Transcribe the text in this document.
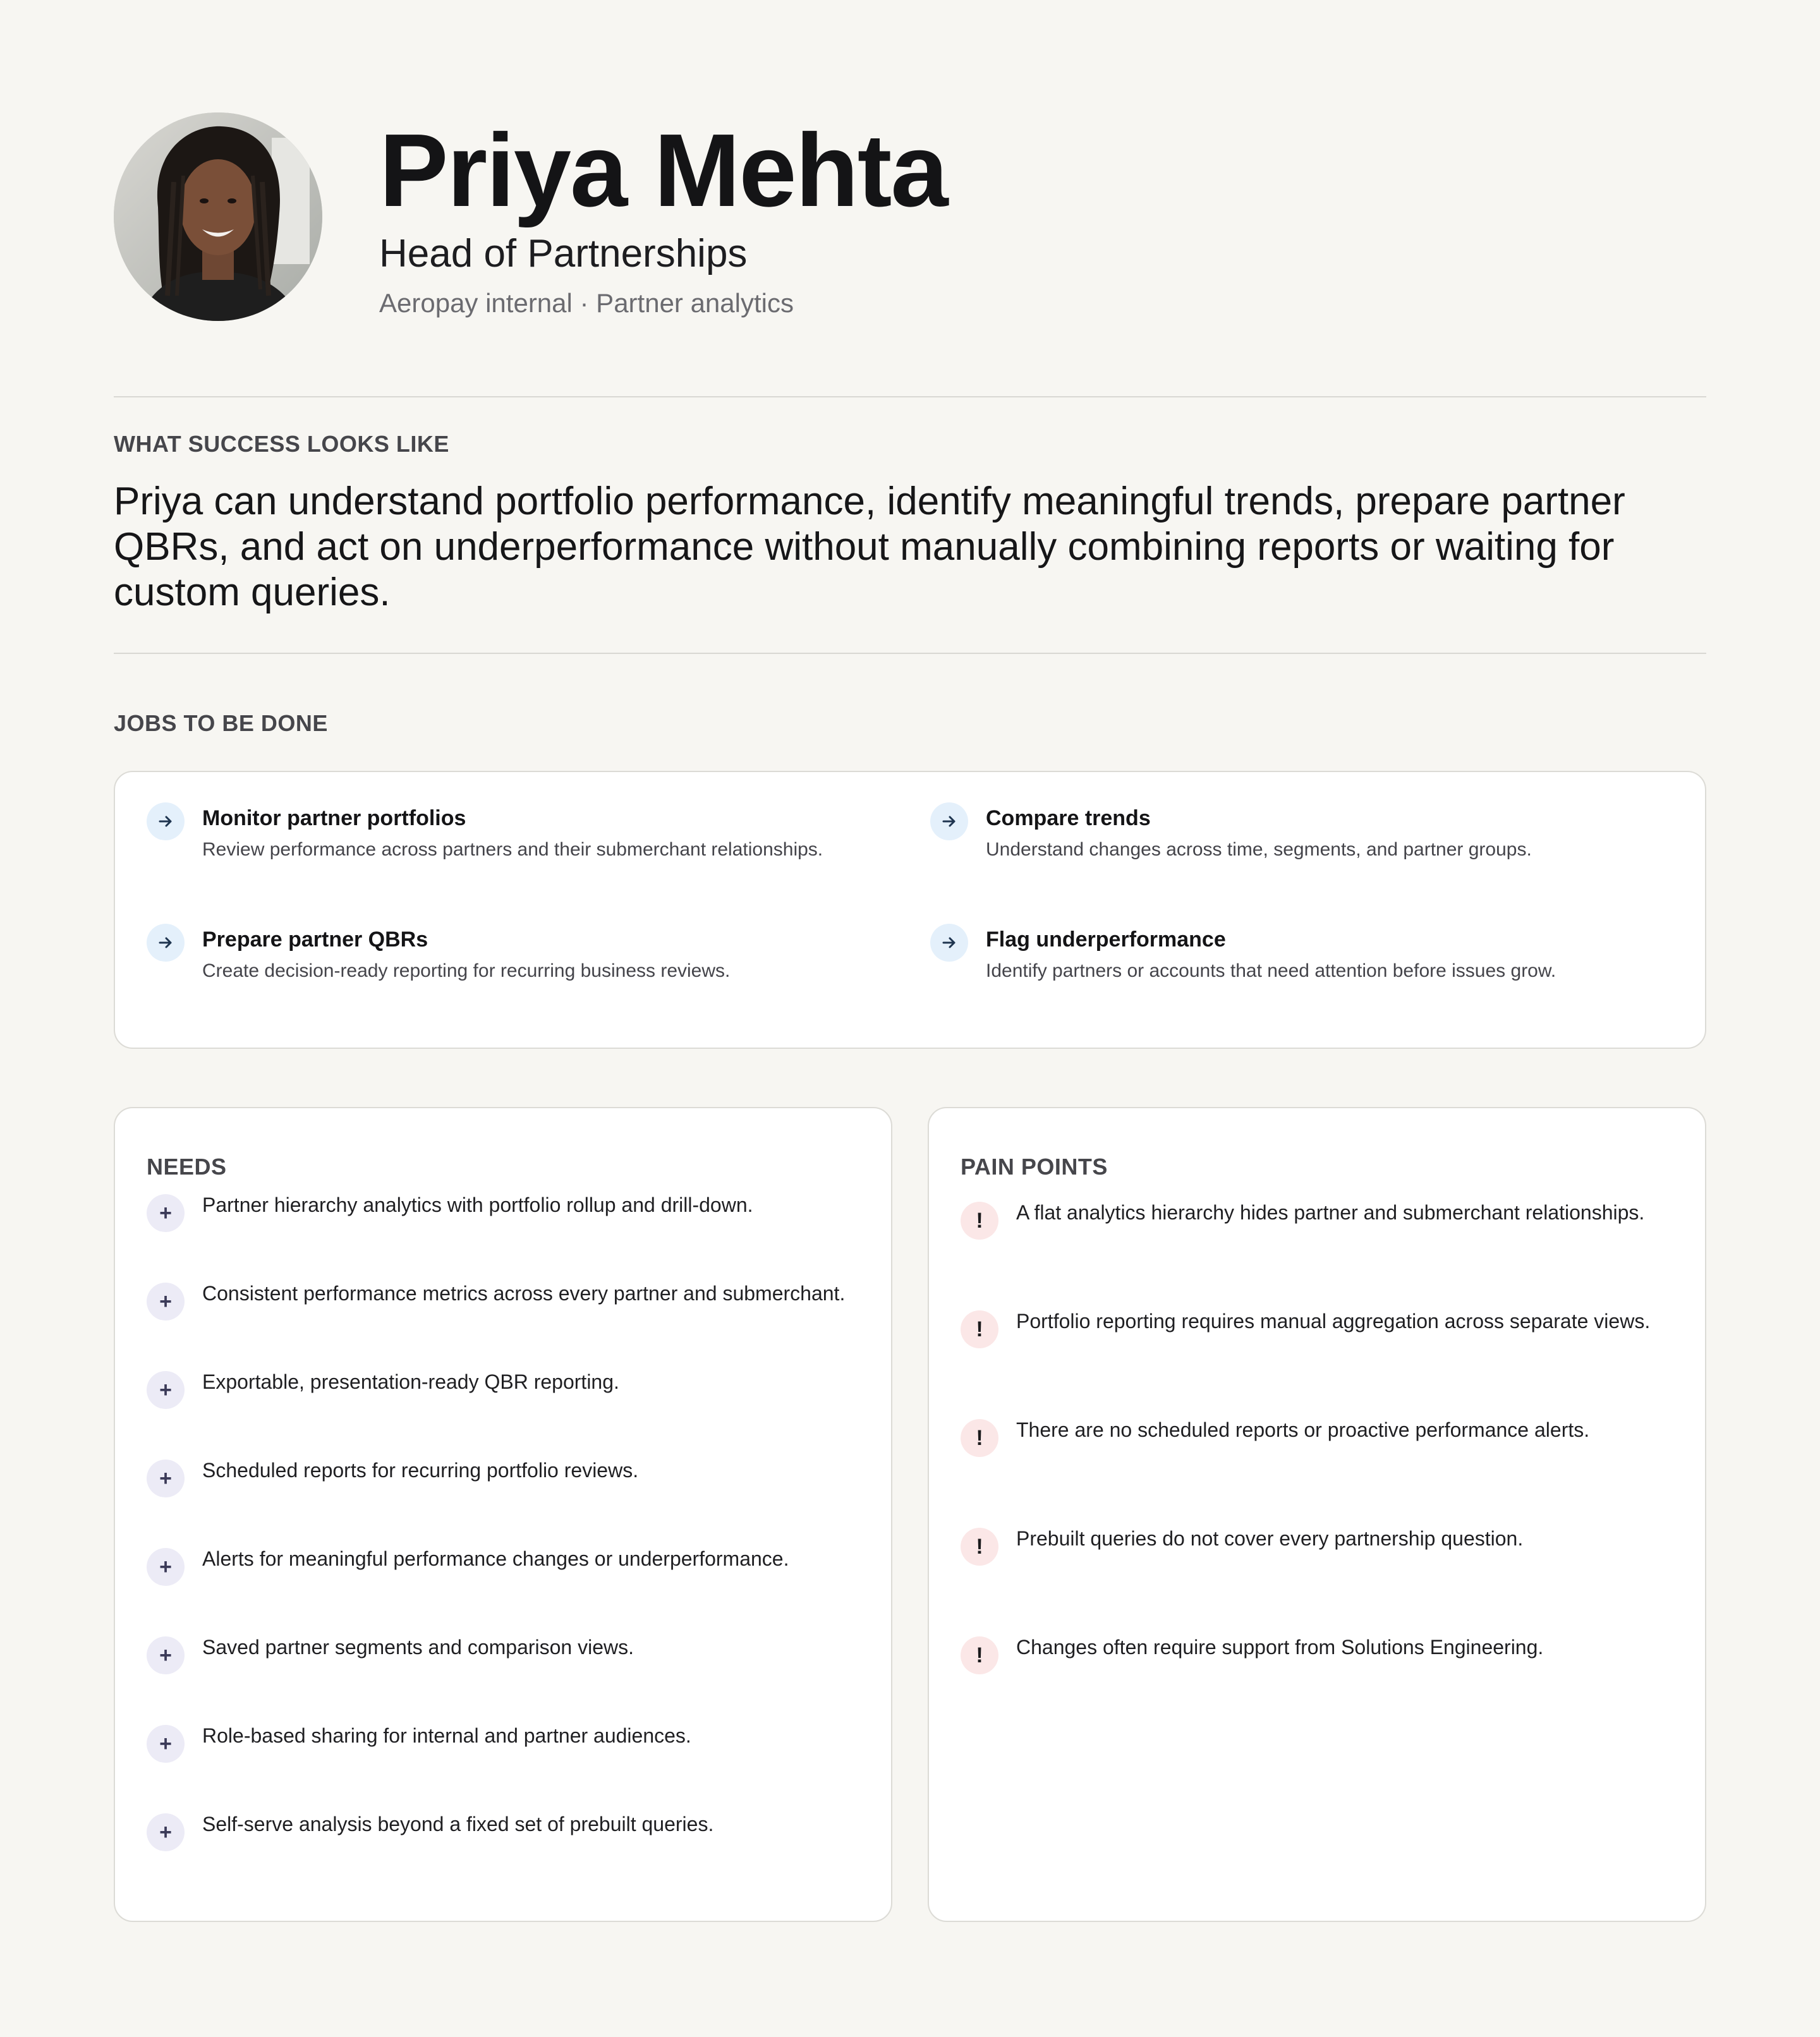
Priya Mehta
Head of Partnerships
Aeropay internal · Partner analytics
WHAT SUCCESS LOOKS LIKE
Priya can understand portfolio performance, identify meaningful trends, prepare partner QBRs, and act on underperformance without manually combining reports or waiting for custom queries.
JOBS TO BE DONE
Monitor partner portfolios
Review performance across partners and their submerchant relationships.
Compare trends
Understand changes across time, segments, and partner groups.
Prepare partner QBRs
Create decision-ready reporting for recurring business reviews.
Flag underperformance
Identify partners or accounts that need attention before issues grow.
NEEDS
+	Partner hierarchy analytics with portfolio rollup and drill-down.
+	Consistent performance metrics across every partner and submerchant.
+	Exportable, presentation-ready QBR reporting.
+	Scheduled reports for recurring portfolio reviews.
+	Alerts for meaningful performance changes or underperformance.
+	Saved partner segments and comparison views.
+	Role-based sharing for internal and partner audiences.
+	Self-serve analysis beyond a fixed set of prebuilt queries.
PAIN POINTS
!	A flat analytics hierarchy hides partner and submerchant relationships.
!	Portfolio reporting requires manual aggregation across separate views.
!	There are no scheduled reports or proactive performance alerts.
!	Prebuilt queries do not cover every partnership question.
!	Changes often require support from Solutions Engineering.
